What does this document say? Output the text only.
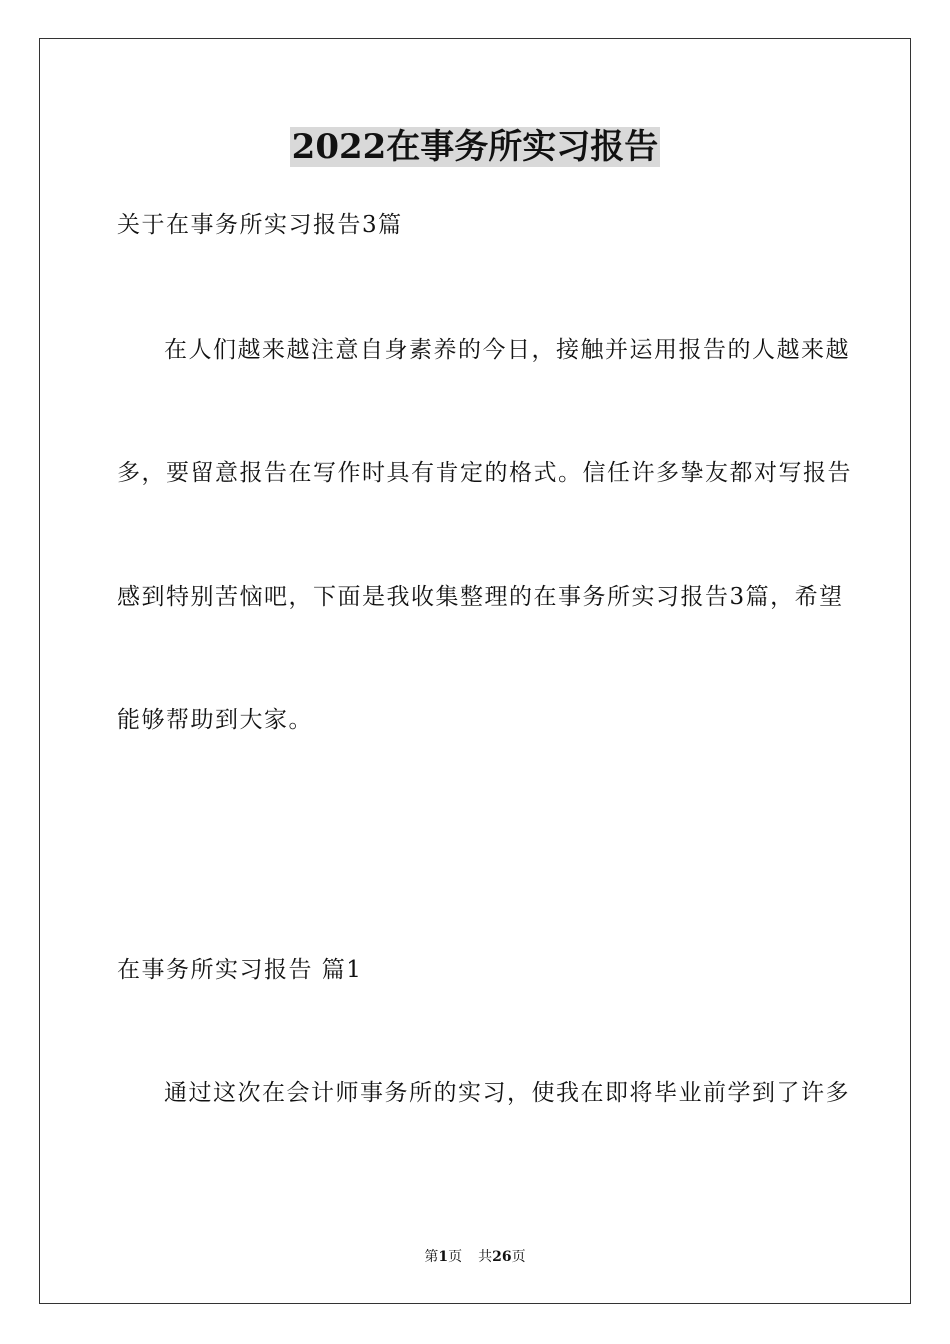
2022在事务所实习报告
关于在事务所实习报告3篇
在人们越来越注意自身素养的今日，接触并运用报告的人越来越
多，要留意报告在写作时具有肯定的格式。信任许多挚友都对写报告
感到特别苦恼吧，下面是我收集整理的在事务所实习报告3篇，希望
能够帮助到大家。
在事务所实习报告 篇1
通过这次在会计师事务所的实习，使我在即将毕业前学到了许多
第1页 共26页
